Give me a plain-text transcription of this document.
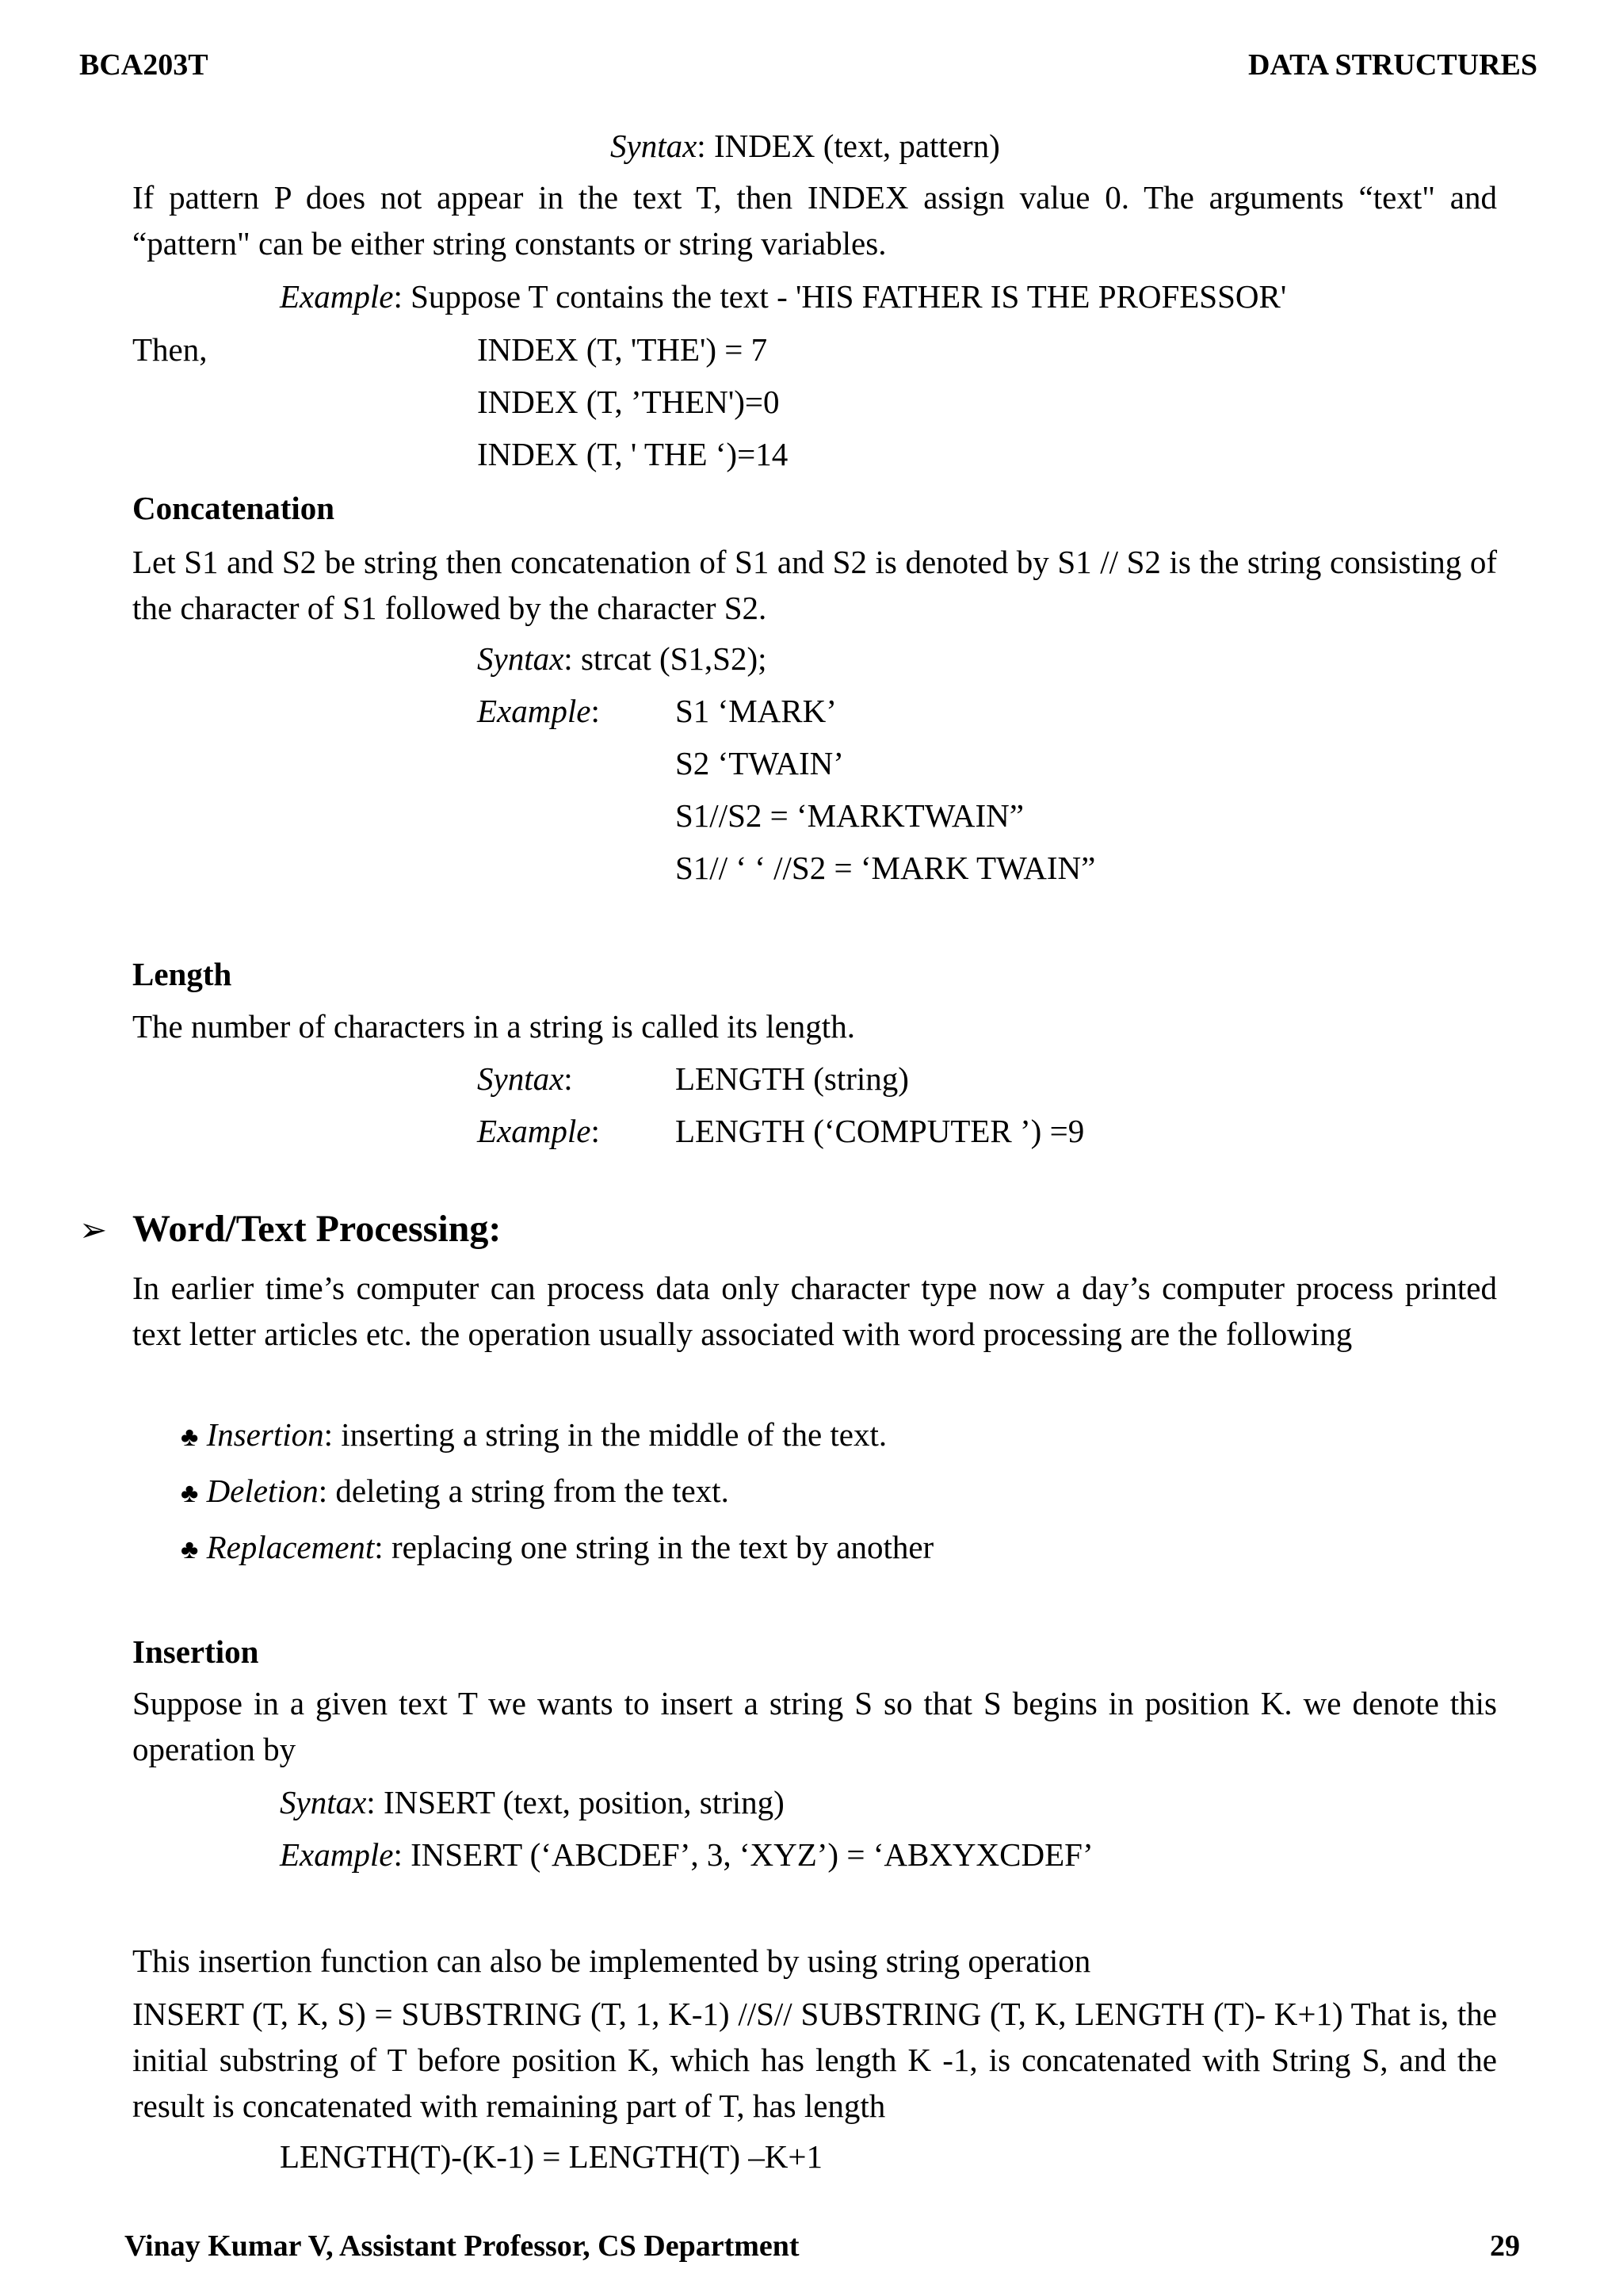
BCA203T	DATA STRUCTURES
Syntax: INDEX (text, pattern)
If pattern P does not appear in the text T, then INDEX assign value 0. The arguments “text" and “pattern" can be either string constants or string variables.
Example: Suppose T contains the text - 'HIS FATHER IS THE PROFESSOR'
Then,	INDEX (T, 'THE') = 7
INDEX (T, ’THEN')=0
INDEX (T, ' THE ‘)=14
Concatenation
Let S1 and S2 be string then concatenation of S1 and S2 is denoted by S1 // S2 is the string consisting of the character of S1 followed by the character S2.
Syntax: strcat (S1,S2);
Example: S1 ‘MARK’
S2 ‘TWAIN’
S1//S2 = ‘MARKTWAIN”
S1// ‘ ‘ //S2 = ‘MARK TWAIN”
Length
The number of characters in a string is called its length.
Syntax:	LENGTH (string)
Example: LENGTH (‘COMPUTER ’) =9
➢ Word/Text Processing:
In earlier time’s computer can process data only character type now a day’s computer process printed text letter articles etc. the operation usually associated with word processing are the following
♣ Insertion: inserting a string in the middle of the text.
♣ Deletion: deleting a string from the text.
♣ Replacement: replacing one string in the text by another
Insertion
Suppose in a given text T we wants to insert a string S so that S begins in position K. we denote this operation by
Syntax: INSERT (text, position, string)
Example: INSERT (‘ABCDEF’, 3, ‘XYZ’) = ‘ABXYXCDEF’
This insertion function can also be implemented by using string operation
INSERT (T, K, S) = SUBSTRING (T, 1, K-1) //S// SUBSTRING (T, K, LENGTH (T)- K+1) That is, the initial substring of T before position K, which has length K -1, is concatenated with String S, and the result is concatenated with remaining part of T, has length
LENGTH(T)-(K-1) = LENGTH(T) –K+1
Vinay Kumar V, Assistant Professor, CS Department	29
